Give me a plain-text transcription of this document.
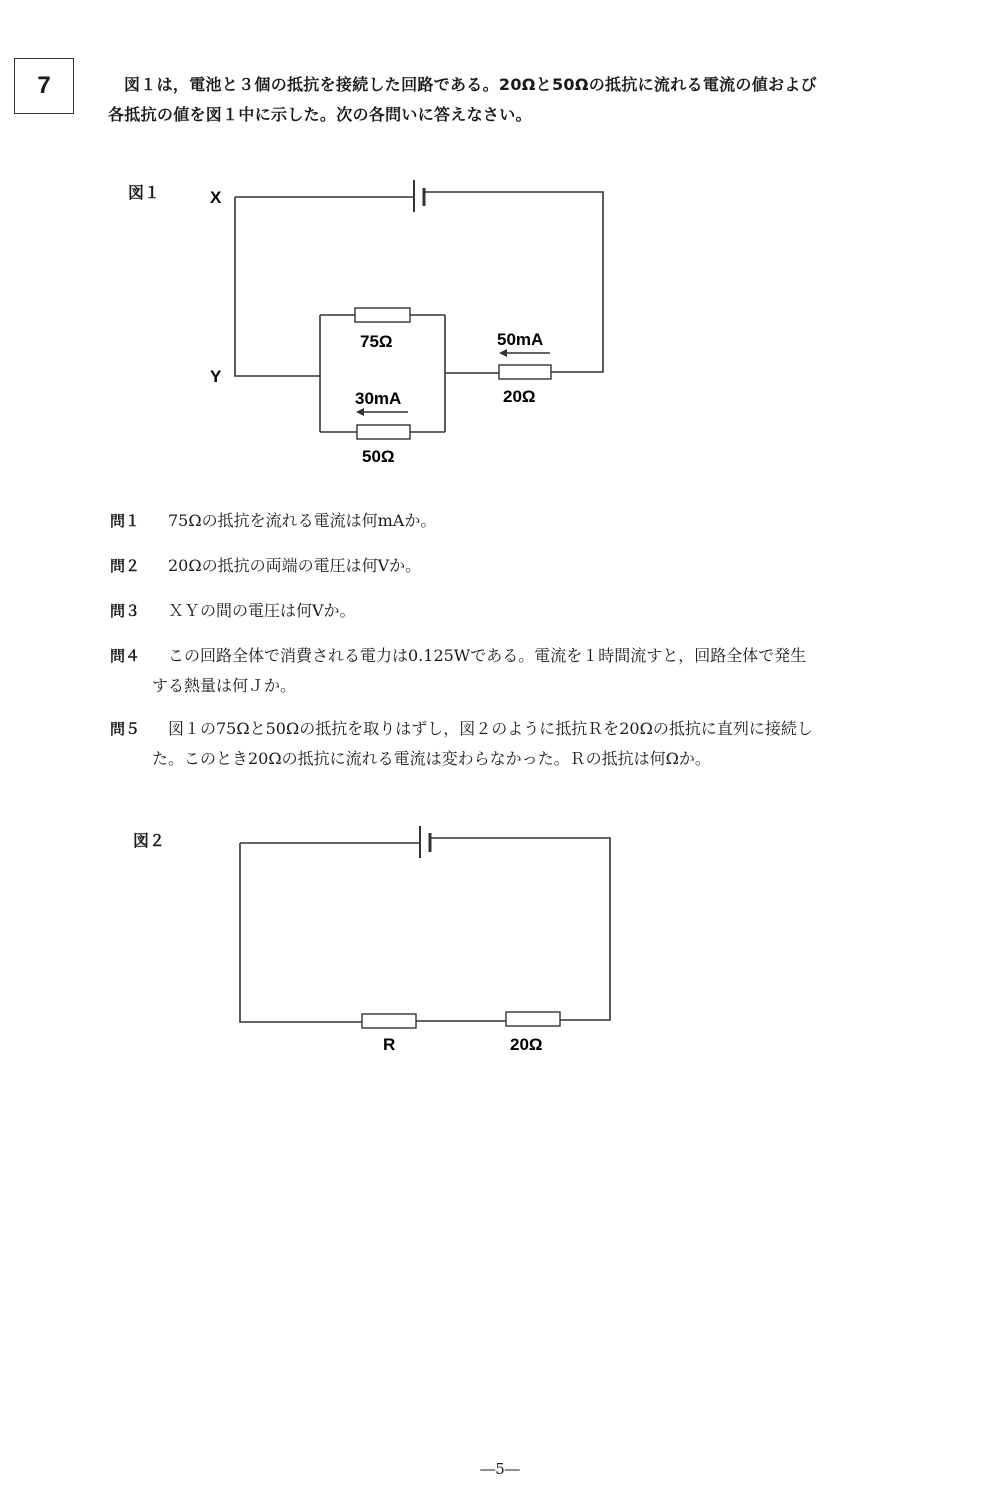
7	図１は，電池と３個の抵抗を接続した回路である。20Ωと50Ωの抵抗に流れる電流の値および
各抵抗の値を図１中に示した。次の各問いに答えなさい。
図１	X
Y
75Ω	50mA
20Ω
30mA
50Ω
問１ 75Ωの抵抗を流れる電流は何mAか。
問２ 20Ωの抵抗の両端の電圧は何Vか。
問３ ＸＹの間の電圧は何Vか。
問４ この回路全体で消費される電力は0.125Wである。電流を１時間流すと，回路全体で発生
する熱量は何Ｊか。
問５ 図１の75Ωと50Ωの抵抗を取りはずし，図２のように抵抗Ｒを20Ωの抵抗に直列に接続し
た。このとき20Ωの抵抗に流れる電流は変わらなかった。Ｒの抵抗は何Ωか。
図２
R	20Ω
―5―
